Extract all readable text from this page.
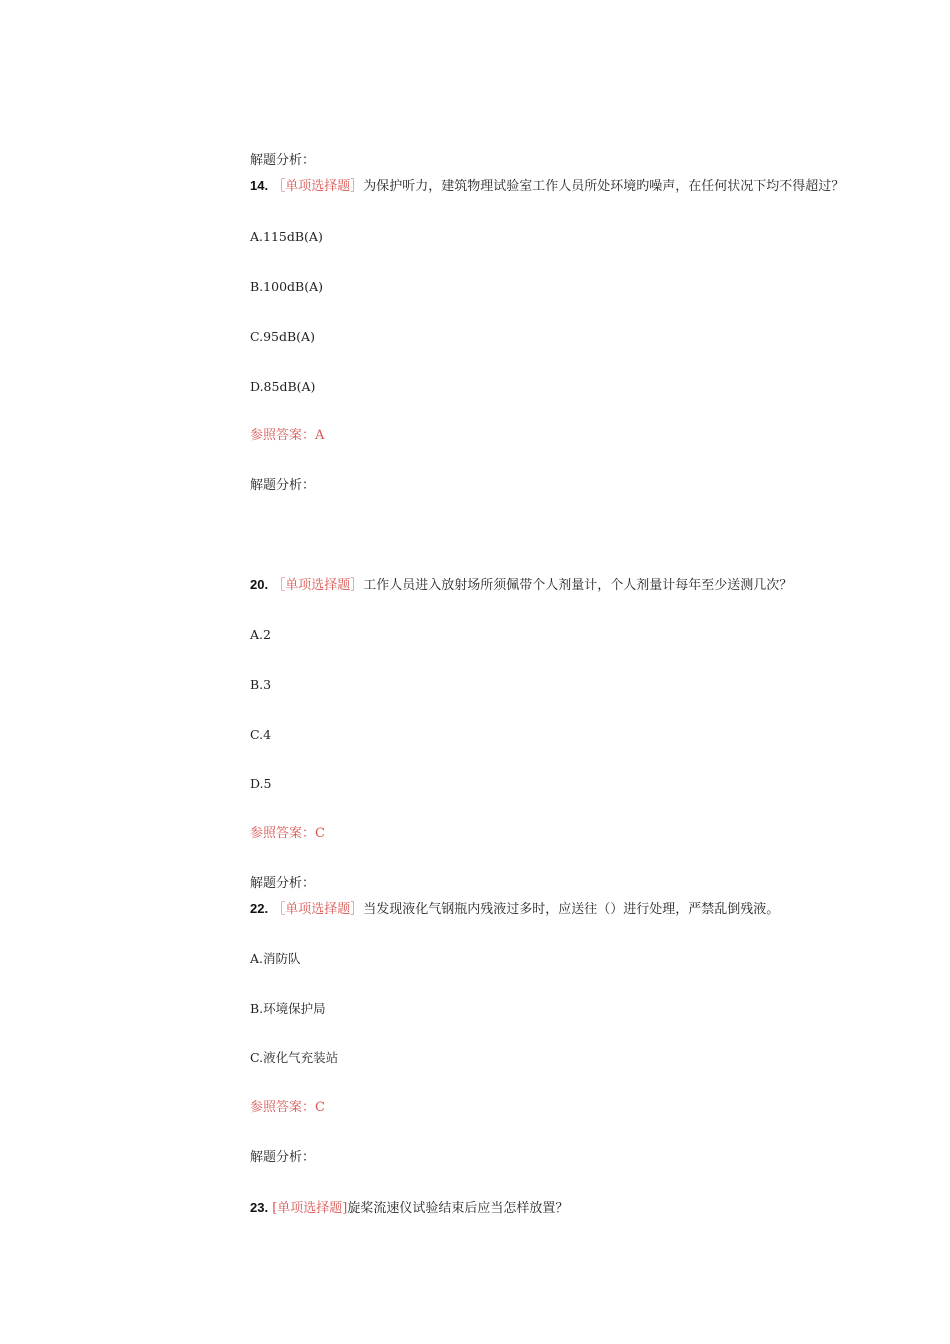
解题分析：
14. ［单项选择题］为保护听力，建筑物理试验室工作人员所处环境旳噪声，在任何状况下均不得超过？
A.115dB(A)
B.100dB(A)
C.95dB(A)
D.85dB(A)
参照答案：A
解题分析：
20. ［单项选择题］工作人员进入放射场所须佩带个人剂量计，个人剂量计每年至少送测几次？
A.2
B.3
C.4
D.5
参照答案：C
解题分析：
22. ［单项选择题］当发现液化气钢瓶内残液过多时，应送往（）进行处理，严禁乱倒残液。
A.消防队
B.环境保护局
C.液化气充装站
参照答案：C
解题分析：
23. [单项选择题]旋桨流速仪试验结束后应当怎样放置？
